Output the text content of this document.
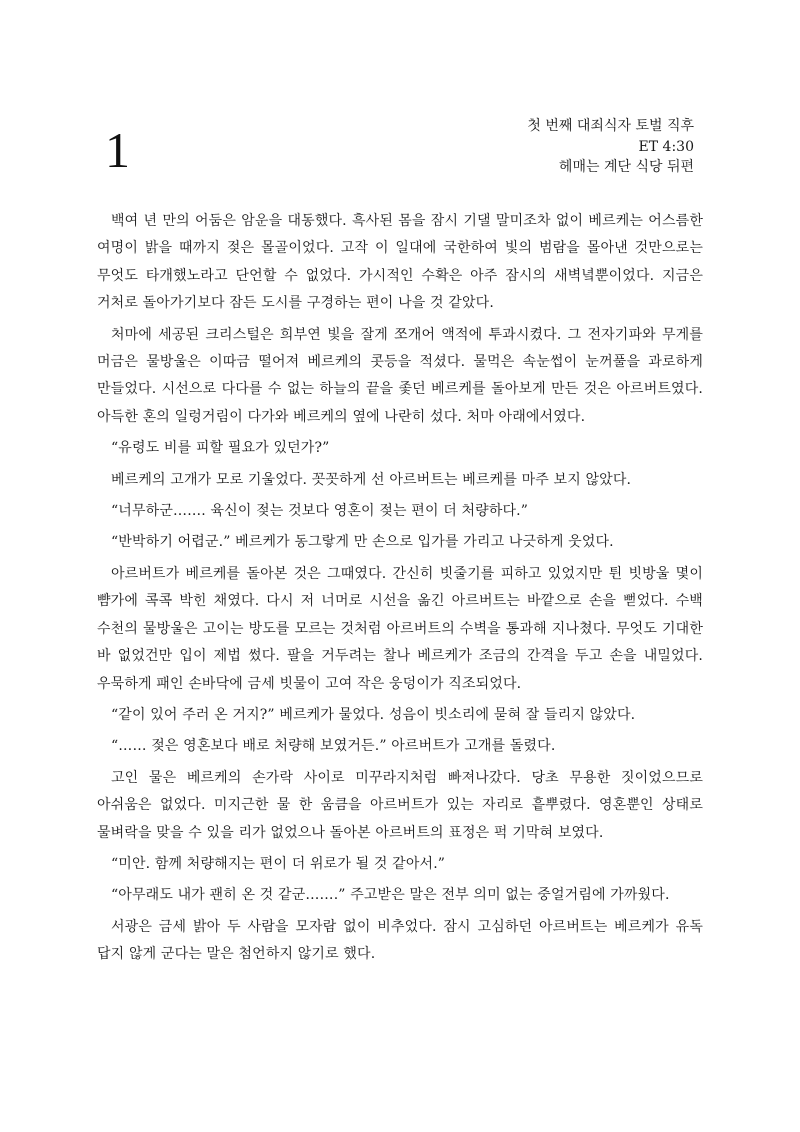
1	첫 번째 대죄식자 토벌 직후
ET 4:30
헤매는 계단 식당 뒤편

백여 년 만의 어둠은 암운을 대동했다. 흑사된 몸을 잠시 기댈 말미조차 없이 베르케는 어스름한 여명이 밝을 때까지 젖은 몰골이었다. 고작 이 일대에 국한하여 빛의 범람을 몰아낸 것만으로는 무엇도 타개했노라고 단언할 수 없었다. 가시적인 수확은 아주 잠시의 새벽녘뿐이었다. 지금은 거처로 돌아가기보다 잠든 도시를 구경하는 편이 나을 것 같았다.

처마에 세공된 크리스털은 희부연 빛을 잘게 쪼개어 액적에 투과시켰다. 그 전자기파와 무게를 머금은 물방울은 이따금 떨어져 베르케의 콧등을 적셨다. 물먹은 속눈썹이 눈꺼풀을 과로하게 만들었다. 시선으로 다다를 수 없는 하늘의 끝을 좇던 베르케를 돌아보게 만든 것은 아르버트였다. 아득한 혼의 일렁거림이 다가와 베르케의 옆에 나란히 섰다. 처마 아래에서였다.

“유령도 비를 피할 필요가 있던가?”

베르케의 고개가 모로 기울었다. 꼿꼿하게 선 아르버트는 베르케를 마주 보지 않았다.

“너무하군……. 육신이 젖는 것보다 영혼이 젖는 편이 더 처량하다.”

“반박하기 어렵군.” 베르케가 동그랗게 만 손으로 입가를 가리고 나긋하게 웃었다.

아르버트가 베르케를 돌아본 것은 그때였다. 간신히 빗줄기를 피하고 있었지만 튄 빗방울 몇이 뺨가에 콕콕 박힌 채였다. 다시 저 너머로 시선을 옮긴 아르버트는 바깥으로 손을 뻗었다. 수백 수천의 물방울은 고이는 방도를 모르는 것처럼 아르버트의 수벽을 통과해 지나쳤다. 무엇도 기대한 바 없었건만 입이 제법 썼다. 팔을 거두려는 찰나 베르케가 조금의 간격을 두고 손을 내밀었다. 우묵하게 패인 손바닥에 금세 빗물이 고여 작은 웅덩이가 직조되었다.

“같이 있어 주러 온 거지?” 베르케가 물었다. 성음이 빗소리에 묻혀 잘 들리지 않았다.

“…… 젖은 영혼보다 배로 처량해 보였거든.” 아르버트가 고개를 돌렸다.

고인 물은 베르케의 손가락 사이로 미꾸라지처럼 빠져나갔다. 당초 무용한 짓이었으므로 아쉬움은 없었다. 미지근한 물 한 움큼을 아르버트가 있는 자리로 흩뿌렸다. 영혼뿐인 상태로 물벼락을 맞을 수 있을 리가 없었으나 돌아본 아르버트의 표정은 퍽 기막혀 보였다.

“미안. 함께 처량해지는 편이 더 위로가 될 것 같아서.”

“아무래도 내가 괜히 온 것 같군…….” 주고받은 말은 전부 의미 없는 중얼거림에 가까웠다.

서광은 금세 밝아 두 사람을 모자람 없이 비추었다. 잠시 고심하던 아르버트는 베르케가 유독 답지 않게 군다는 말은 첨언하지 않기로 했다.
